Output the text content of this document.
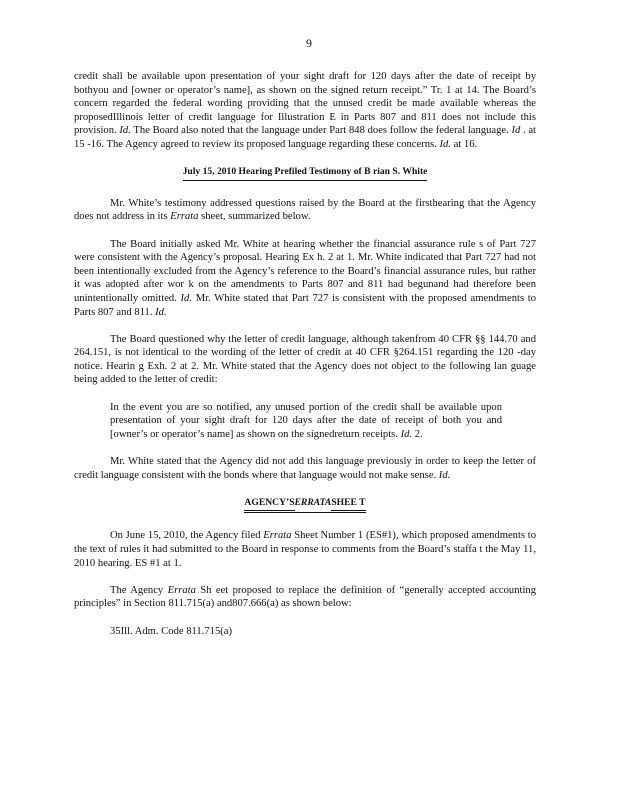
9

credit shall be available upon presentation of your sight draft for 120 days after the date of receipt by bothyou and [owner or operator’s name], as shown on the signed return receipt.” Tr. 1 at 14. The Board’s concern regarded the federal wording providing that the unused credit be made available whereas the proposedIllinois letter of credit language for Illustration E in Parts 807 and 811 does not include this provision. Id. The Board also noted that the language under Part 848 does follow the federal language. Id . at 15 -16. The Agency agreed to review its proposed language regarding these concerns. Id. at 16.

July 15, 2010 Hearing Prefiled Testimony of B rian S. White

Mr. White’s testimony addressed questions raised by the Board at the firsthearing that the Agency does not address in its Errata sheet, summarized below.

The Board initially asked Mr. White at hearing whether the financial assurance rule s of Part 727 were consistent with the Agency’s proposal. Hearing Ex h. 2 at 1. Mr. White indicated that Part 727 had not been intentionally excluded from the Agency’s reference to the Board’s financial assurance rules, but rather it was adopted after wor k on the amendments to Parts 807 and 811 had begunand had therefore been unintentionally omitted. Id. Mr. White stated that Part 727 is consistent with the proposed amendments to Parts 807 and 811. Id.

The Board questioned why the letter of credit language, although takenfrom 40 CFR §§ 144.70 and 264.151, is not identical to the wording of the letter of credit at 40 CFR §264.151 regarding the 120 -day notice. Hearin g Exh. 2 at 2. Mr. White stated that the Agency does not object to the following lan guage being added to the letter of credit:

In the event you are so notified, any unused portion of the credit shall be available upon presentation of your sight draft for 120 days after the date of receipt of both you and [owner’s or operator’s name] as shown on the signedreturn receipts. Id. 2.

Mr. White stated that the Agency did not add this language previously in order to keep the letter of credit language consistent with the bonds where that language would not make sense. Id.

AGENCY’SERRATASHEE T

On June 15, 2010, the Agency filed Errata Sheet Number 1 (ES#1), which proposed amendments to the text of rules it had submitted to the Board in response to comments from the Board’s staffa t the May 11, 2010 hearing. ES #1 at 1.

The Agency Errata Sh eet proposed to replace the definition of “generally accepted accounting principles” in Section 811.715(a) and807.666(a) as shown below:

35Ill. Adm. Code 811.715(a)
